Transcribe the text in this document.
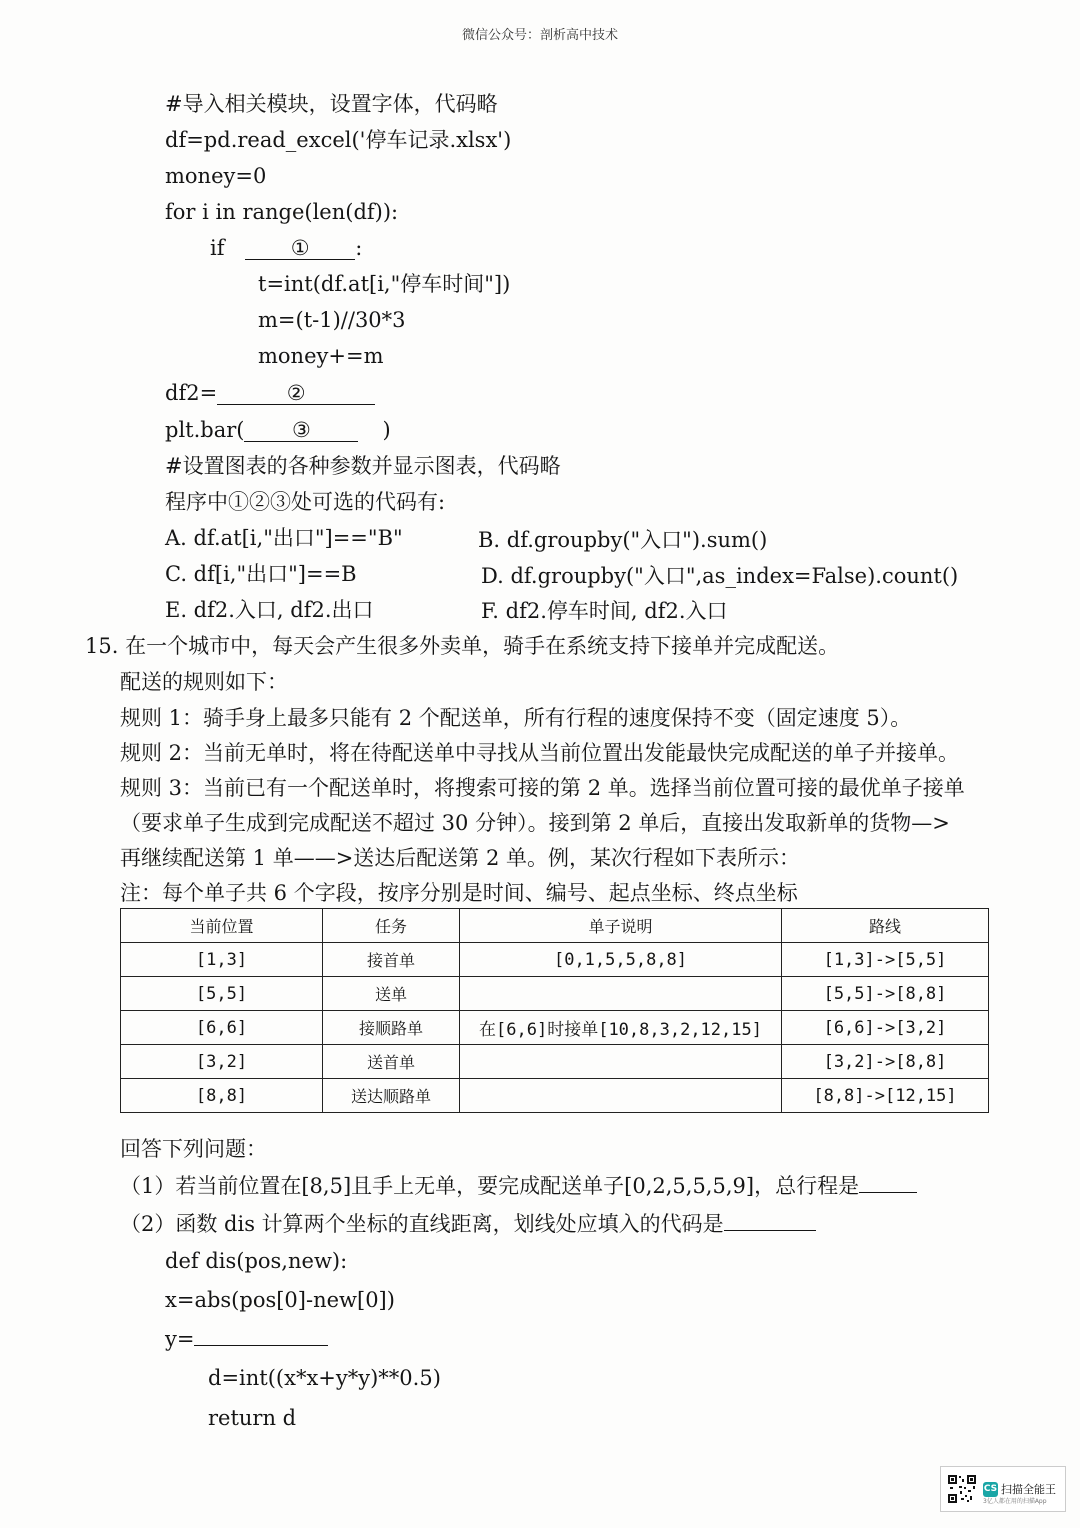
微信公众号：剖析高中技术
#导入相关模块，设置字体，代码略
df=pd.read_excel('停车记录.xlsx')
money=0
for i in range(len(df)):
if	① :
t=int(df.at[i,"停车时间"])
m=(t-1)//30*3
money+=m
df2=	②
plt.bar( ③	)
#设置图表的各种参数并显示图表，代码略
程序中①②③处可选的代码有:
A. df.at[i,"出口"]=="B"	B. df.groupby("入口").sum()
C. df[i,"出口"]==B	D. df.groupby("入口",as_index=False).count()
E. df2.入口, df2.出口	F. df2.停车时间, df2.入口
15. 在一个城市中，每天会产生很多外卖单，骑手在系统支持下接单并完成配送。
配送的规则如下：
规则 1：骑手身上最多只能有 2 个配送单，所有行程的速度保持不变（固定速度 5）。
规则 2：当前无单时，将在待配送单中寻找从当前位置出发能最快完成配送的单子并接单。
规则 3：当前已有一个配送单时，将搜索可接的第 2 单。选择当前位置可接的最优单子接单
（要求单子生成到完成配送不超过 30 分钟）。接到第 2 单后，直接出发取新单的货物—>
再继续配送第 1 单——>送达后配送第 2 单。例，某次行程如下表所示：
注：每个单子共 6 个字段，按序分别是时间、编号、起点坐标、终点坐标
当前位置	任务	单子说明	路线
[1,3]	接首单	[0,1,5,5,8,8]	[1,3]->[5,5]
[5,5]	送单		[5,5]->[8,8]
[6,6]	接顺路单	在[6,6]时接单[10,8,3,2,12,15]	[6,6]->[3,2]
[3,2]	送首单		[3,2]->[8,8]
[8,8]	送达顺路单		[8,8]->[12,15]
回答下列问题：
（1）若当前位置在[8,5]且手上无单，要完成配送单子[0,2,5,5,5,9]，总行程是
（2）函数 dis 计算两个坐标的直线距离，划线处应填入的代码是
def dis(pos,new):
x=abs(pos[0]-new[0])
y=
d=int((x*x+y*y)**0.5)
return d
CS 扫描全能王
3亿人都在用的扫描App
